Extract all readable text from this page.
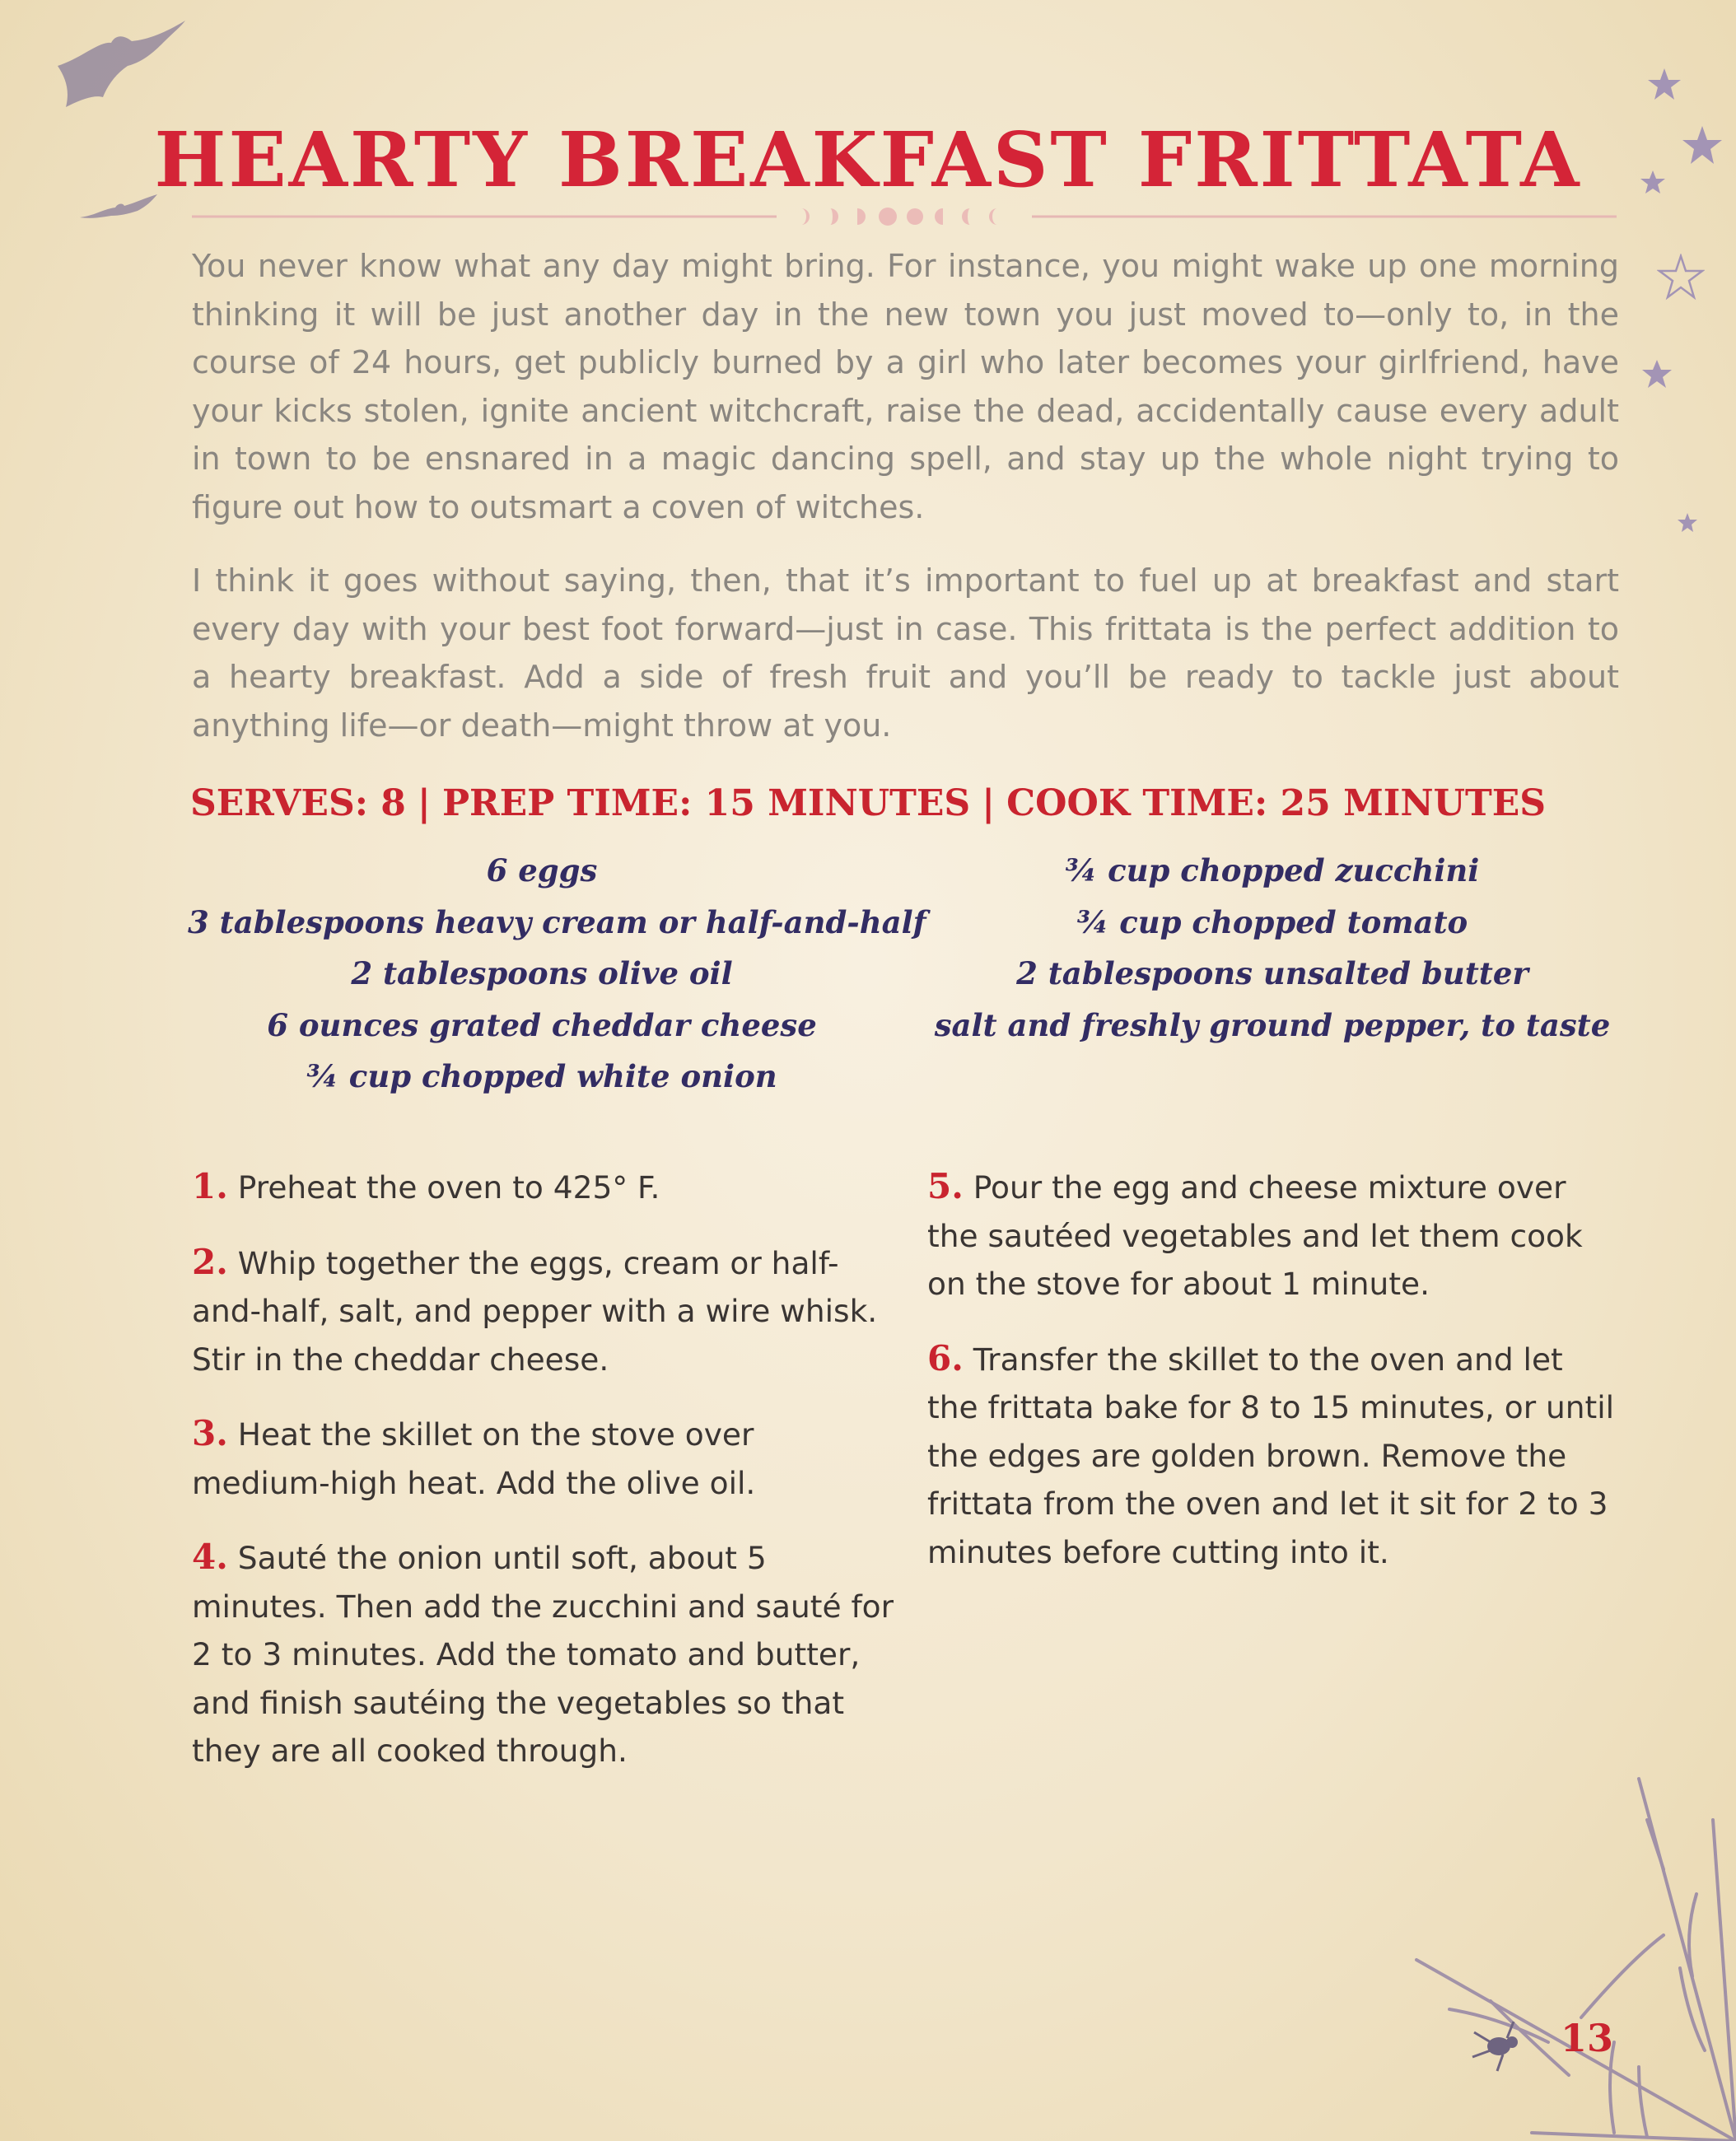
HEARTY BREAKFAST FRITTATA

You never know what any day might bring. For instance, you might wake up one morning thinking it will be just another day in the new town you just moved to—only to, in the course of 24 hours, get publicly burned by a girl who later becomes your girlfriend, have your kicks stolen, ignite ancient witchcraft, raise the dead, accidentally cause every adult in town to be ensnared in a magic dancing spell, and stay up the whole night trying to figure out how to outsmart a coven of witches.

I think it goes without saying, then, that it’s important to fuel up at breakfast and start every day with your best foot forward—just in case. This frittata is the perfect addition to a hearty breakfast. Add a side of fresh fruit and you’ll be ready to tackle just about anything life—or death—might throw at you.

SERVES: 8 | PREP TIME: 15 MINUTES | COOK TIME: 25 MINUTES
6 eggs
3 tablespoons heavy cream or half-and-half
2 tablespoons olive oil
6 ounces grated cheddar cheese
¾ cup chopped white onion
¾ cup chopped zucchini
¾ cup chopped tomato
2 tablespoons unsalted butter
salt and freshly ground pepper, to taste
1. Preheat the oven to 425° F.
2. Whip together the eggs, cream or half-and-half, salt, and pepper with a wire whisk. Stir in the cheddar cheese.
3. Heat the skillet on the stove over medium-high heat. Add the olive oil.
4. Sauté the onion until soft, about 5 minutes. Then add the zucchini and sauté for 2 to 3 minutes. Add the tomato and butter, and finish sautéing the vegetables so that they are all cooked through.
5. Pour the egg and cheese mixture over the sautéed vegetables and let them cook on the stove for about 1 minute.
6. Transfer the skillet to the oven and let the frittata bake for 8 to 15 minutes, or until the edges are golden brown. Remove the frittata from the oven and let it sit for 2 to 3 minutes before cutting into it.
13
